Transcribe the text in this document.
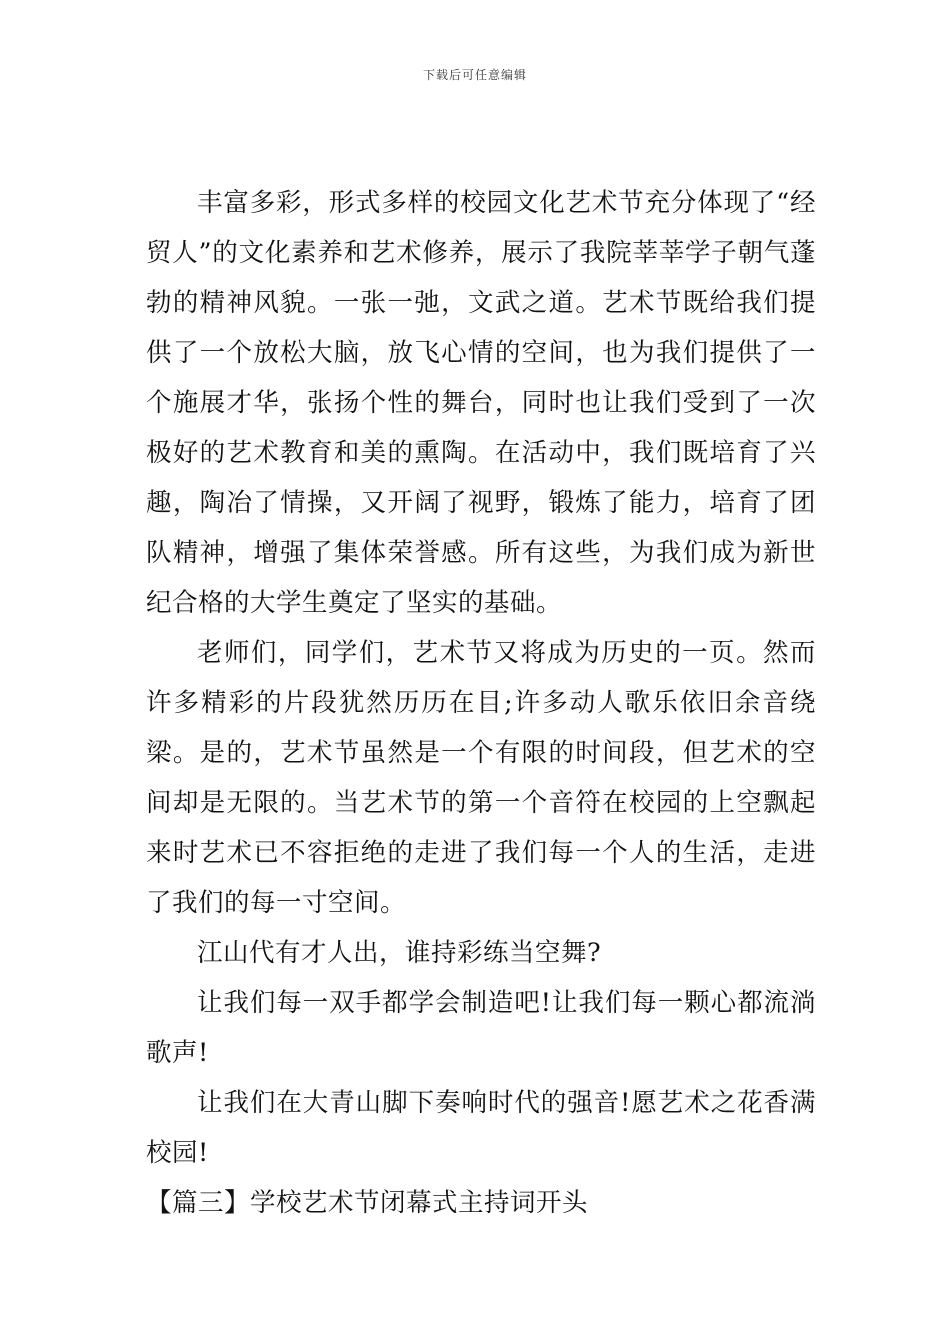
下载后可任意编辑

丰富多彩，形式多样的校园文化艺术节充分体现了“经贸人”的文化素养和艺术修养，展示了我院莘莘学子朝气蓬勃的精神风貌。一张一弛，文武之道。艺术节既给我们提供了一个放松大脑，放飞心情的空间，也为我们提供了一个施展才华，张扬个性的舞台，同时也让我们受到了一次极好的艺术教育和美的熏陶。在活动中，我们既培育了兴趣，陶冶了情操，又开阔了视野，锻炼了能力，培育了团队精神，增强了集体荣誉感。所有这些，为我们成为新世纪合格的大学生奠定了坚实的基础。

老师们，同学们，艺术节又将成为历史的一页。然而许多精彩的片段犹然历历在目;许多动人歌乐依旧余音绕梁。是的，艺术节虽然是一个有限的时间段，但艺术的空间却是无限的。当艺术节的第一个音符在校园的上空飘起来时艺术已不容拒绝的走进了我们每一个人的生活，走进了我们的每一寸空间。

江山代有才人出，谁持彩练当空舞?

让我们每一双手都学会制造吧!让我们每一颗心都流淌歌声!

让我们在大青山脚下奏响时代的强音!愿艺术之花香满校园!

【篇三】学校艺术节闭幕式主持词开头
